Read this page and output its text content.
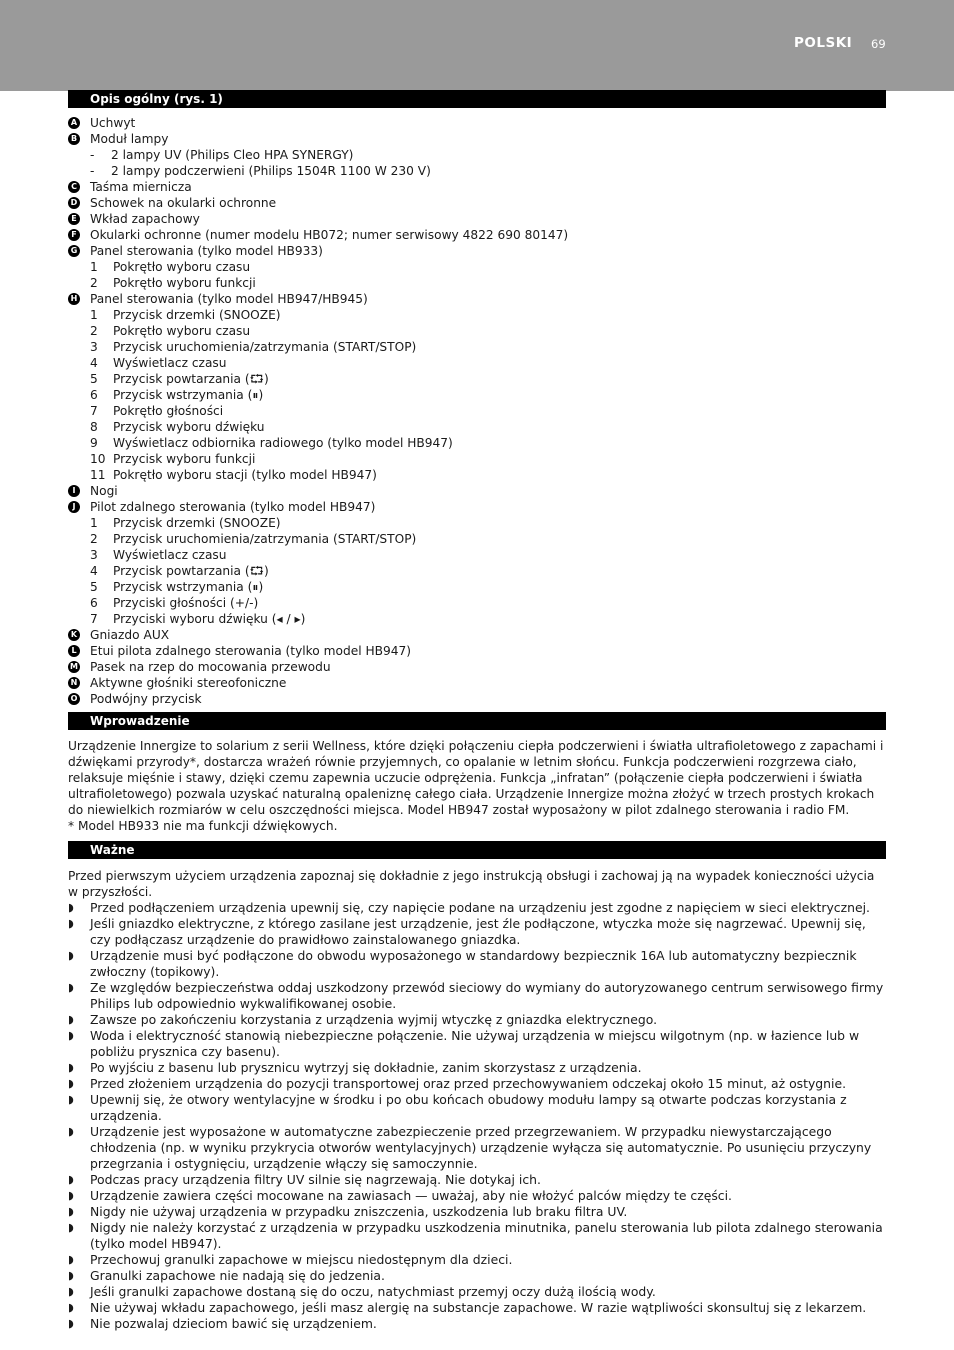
POLSKI 69
Opis ogólny (rys. 1)
A Uchwyt
B Moduł lampy
-	2 lampy UV (Philips Cleo HPA SYNERGY)
-	2 lampy podczerwieni (Philips 1504R 1100 W 230 V)
C Taśma miernicza
D Schowek na okularki ochronne
E Wkład zapachowy
F Okularki ochronne (numer modelu HB072; numer serwisowy 4822 690 80147)
G Panel sterowania (tylko model HB933)
1	Pokrętło wyboru czasu
2	Pokrętło wyboru funkcji
H Panel sterowania (tylko model HB947/HB945)
1	Przycisk drzemki (SNOOZE)
2	Pokrętło wyboru czasu
3	Przycisk uruchomienia/zatrzymania (START/STOP)
4	Wyświetlacz czasu
5	Przycisk powtarzania (⮔)
6	Przycisk wstrzymania (⏸)
7	Pokrętło głośności
8	Przycisk wyboru dźwięku
9	Wyświetlacz odbiornika radiowego (tylko model HB947)
10 Przycisk wyboru funkcji
11 Pokrętło wyboru stacji (tylko model HB947)
I	Nogi
J	Pilot zdalnego sterowania (tylko model HB947)
1	Przycisk drzemki (SNOOZE)
2	Przycisk uruchomienia/zatrzymania (START/STOP)
3	Wyświetlacz czasu
4	Przycisk powtarzania (⮔)
5	Przycisk wstrzymania (⏸)
6	Przyciski głośności (+/-)
7	Przyciski wyboru dźwięku (◂ / ▸)
K Gniazdo AUX
L Etui pilota zdalnego sterowania (tylko model HB947)
M Pasek na rzep do mocowania przewodu
N Aktywne głośniki stereofoniczne
O Podwójny przycisk
Wprowadzenie

Urządzenie Innergize to solarium z serii Wellness, które dzięki połączeniu ciepła podczerwieni i światła ultrafioletowego z zapachami i dźwiękami przyrody*, dostarcza wrażeń równie przyjemnych, co opalanie w letnim słońcu. Funkcja podczerwieni rozgrzewa ciało, relaksuje mięśnie i stawy, dzięki czemu zapewnia uczucie odprężenia. Funkcja „infratan” (połączenie ciepła podczerwieni i światła ultrafioletowego) pozwala uzyskać naturalną opaleniznę całego ciała. Urządzenie Innergize można złożyć w trzech prostych krokach do niewielkich rozmiarów w celu oszczędności miejsca. Model HB947 został wyposażony w pilot zdalnego sterowania i radio FM.

* Model HB933 nie ma funkcji dźwiękowych.

Ważne

Przed pierwszym użyciem urządzenia zapoznaj się dokładnie z jego instrukcją obsługi i zachowaj ją na wypadek konieczności użycia w przyszłości.

◗	Przed podłączeniem urządzenia upewnij się, czy napięcie podane na urządzeniu jest zgodne z napięciem w sieci elektrycznej.
◗	Jeśli gniazdko elektryczne, z którego zasilane jest urządzenie, jest źle podłączone, wtyczka może się nagrzewać. Upewnij się, czy podłączasz urządzenie do prawidłowo zainstalowanego gniazdka.
◗	Urządzenie musi być podłączone do obwodu wyposażonego w standardowy bezpiecznik 16A lub automatyczny bezpiecznik zwłoczny (topikowy).
◗	Ze względów bezpieczeństwa oddaj uszkodzony przewód sieciowy do wymiany do autoryzowanego centrum serwisowego firmy Philips lub odpowiednio wykwalifikowanej osobie.
◗	Zawsze po zakończeniu korzystania z urządzenia wyjmij wtyczkę z gniazdka elektrycznego.
◗	Woda i elektryczność stanowią niebezpieczne połączenie. Nie używaj urządzenia w miejscu wilgotnym (np. w łazience lub w pobliżu prysznica czy basenu).
◗	Po wyjściu z basenu lub prysznicu wytrzyj się dokładnie, zanim skorzystasz z urządzenia.
◗	Przed złożeniem urządzenia do pozycji transportowej oraz przed przechowywaniem odczekaj około 15 minut, aż ostygnie.
◗	Upewnij się, że otwory wentylacyjne w środku i po obu końcach obudowy modułu lampy są otwarte podczas korzystania z urządzenia.
◗	Urządzenie jest wyposażone w automatyczne zabezpieczenie przed przegrzewaniem. W przypadku niewystarczającego chłodzenia (np. w wyniku przykrycia otworów wentylacyjnych) urządzenie wyłącza się automatycznie. Po usunięciu przyczyny przegrzania i ostygnięciu, urządzenie włączy się samoczynnie.
◗	Podczas pracy urządzenia filtry UV silnie się nagrzewają. Nie dotykaj ich.
◗	Urządzenie zawiera części mocowane na zawiasach — uważaj, aby nie włożyć palców między te części.
◗	Nigdy nie używaj urządzenia w przypadku zniszczenia, uszkodzenia lub braku filtra UV.
◗	Nigdy nie należy korzystać z urządzenia w przypadku uszkodzenia minutnika, panelu sterowania lub pilota zdalnego sterowania (tylko model HB947).
◗	Przechowuj granulki zapachowe w miejscu niedostępnym dla dzieci.
◗	Granulki zapachowe nie nadają się do jedzenia.
◗	Jeśli granulki zapachowe dostaną się do oczu, natychmiast przemyj oczy dużą ilością wody.
◗	Nie używaj wkładu zapachowego, jeśli masz alergię na substancje zapachowe. W razie wątpliwości skonsultuj się z lekarzem.
◗	Nie pozwalaj dzieciom bawić się urządzeniem.
